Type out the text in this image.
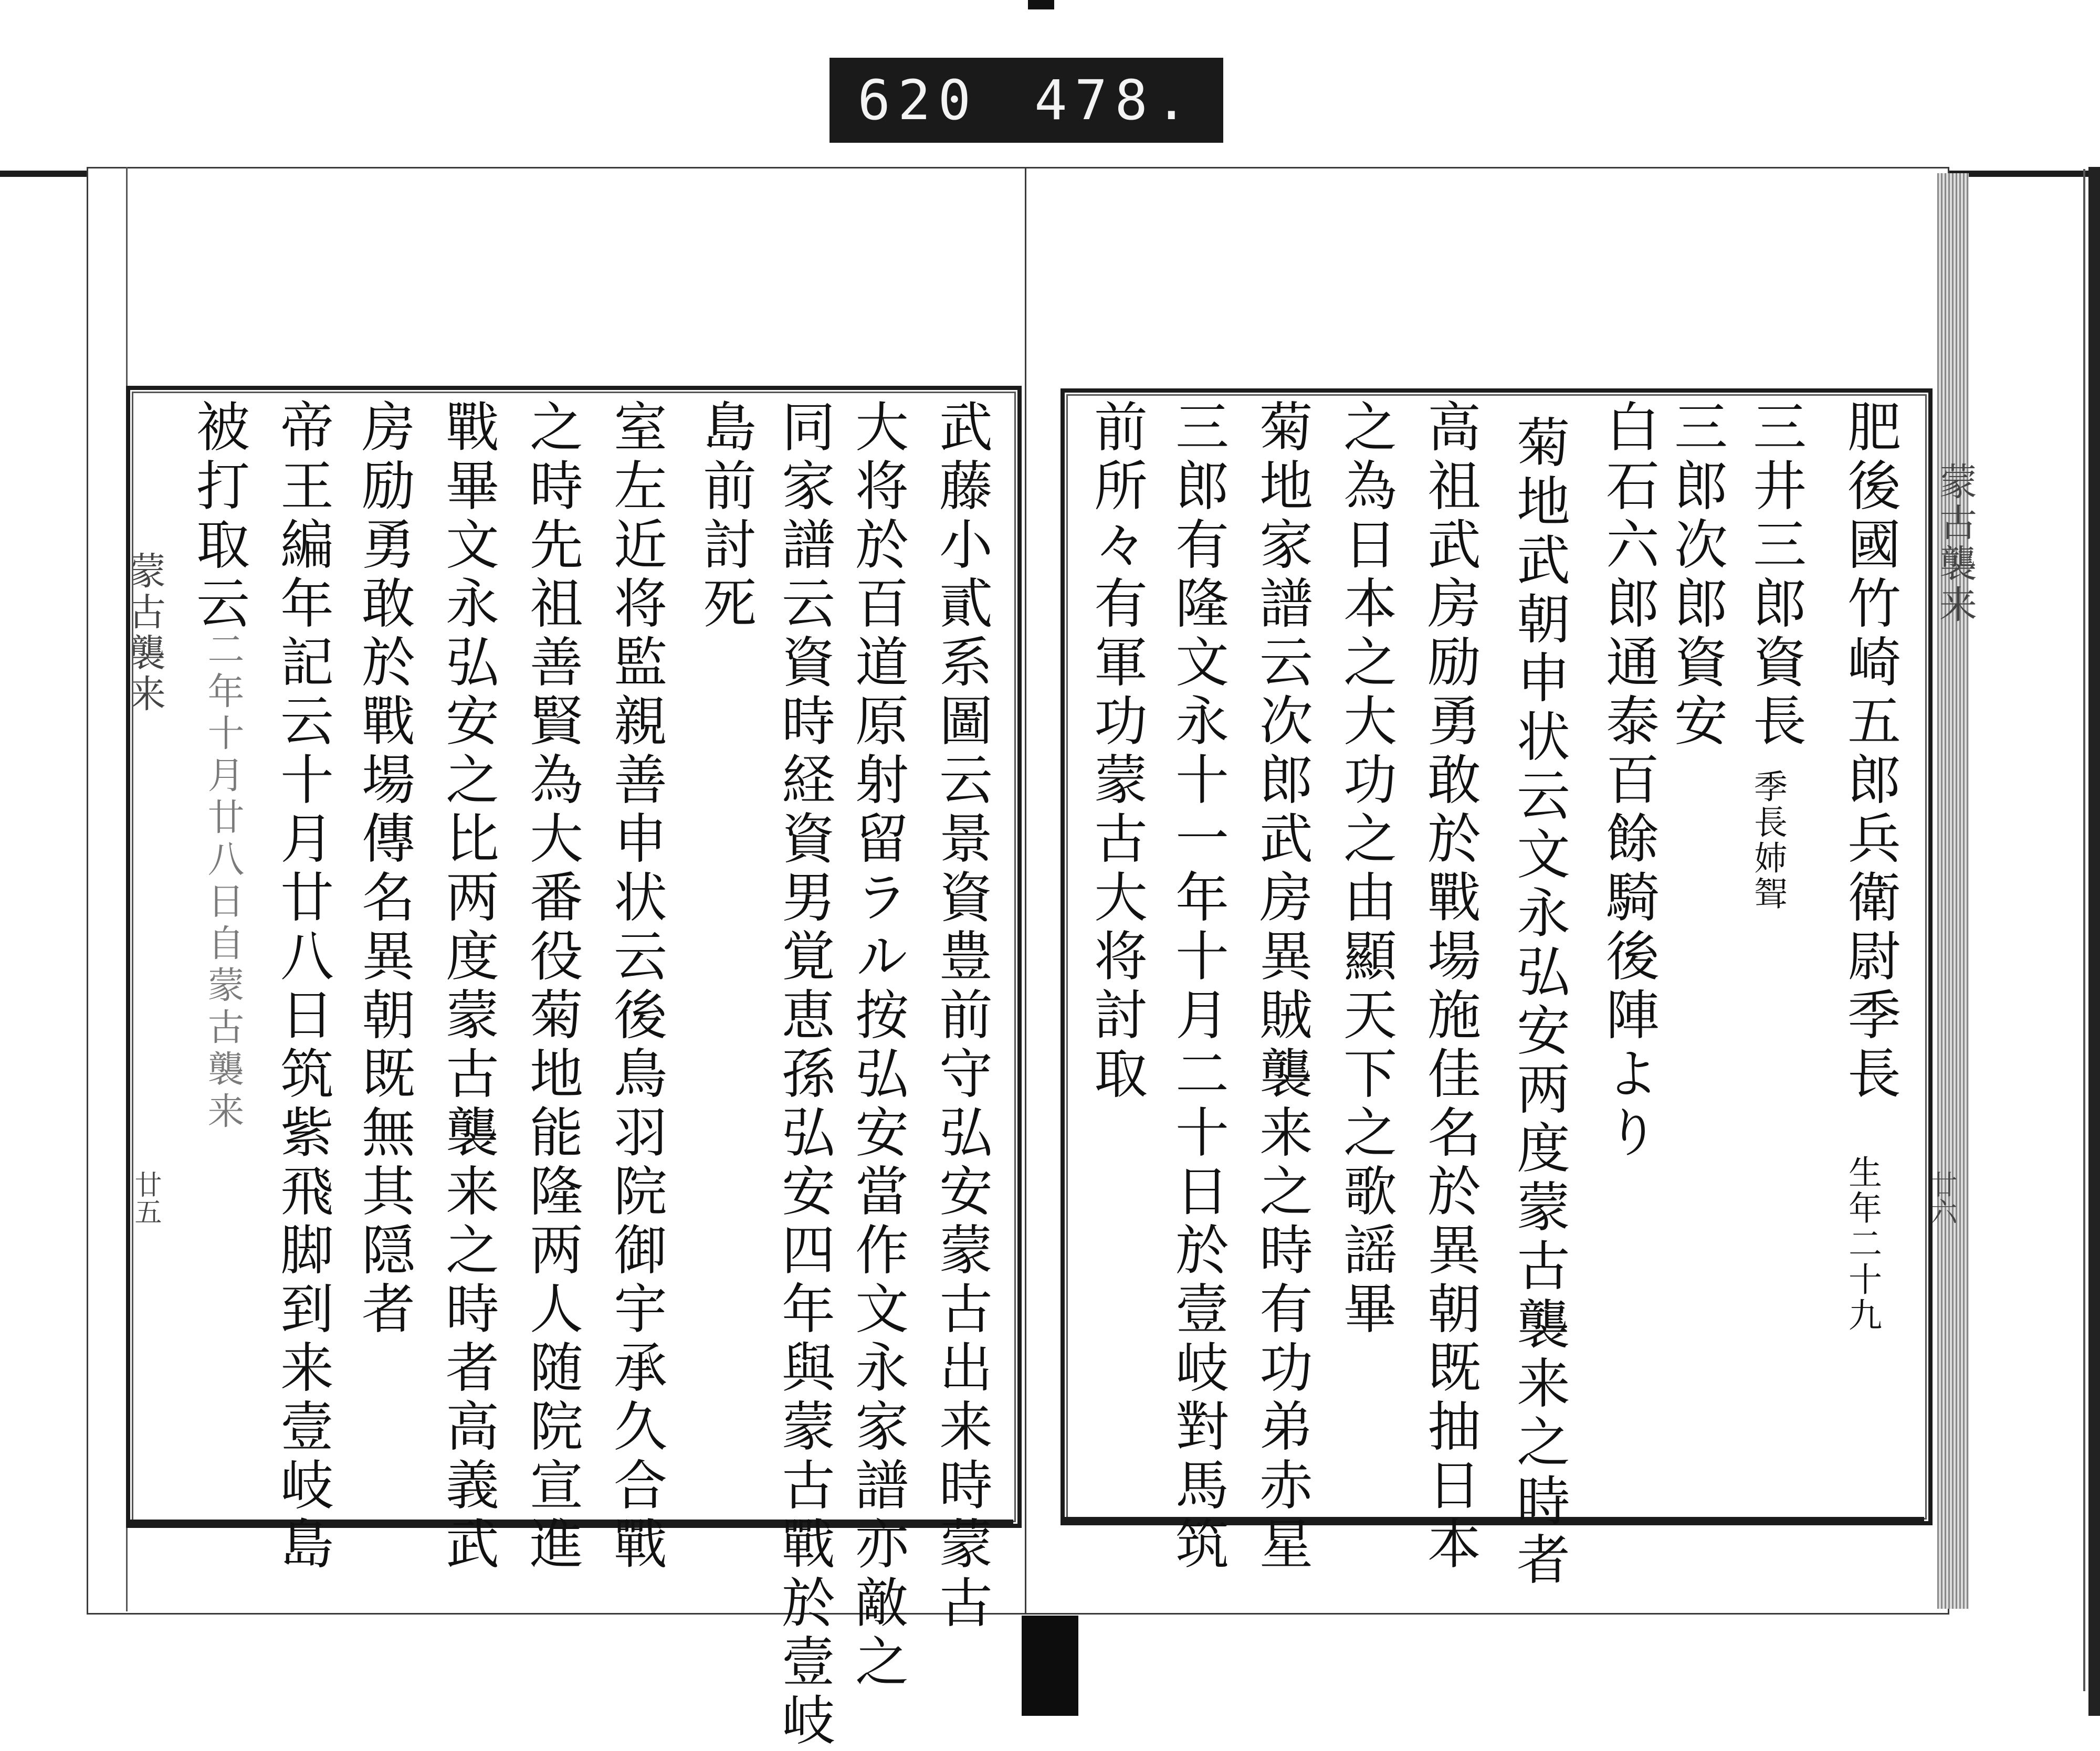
620 478.
蒙古襲来
廿五
蒙古襲来
廿六
肥後國竹崎五郎兵衛尉季長
生年二十九
三井三郎資長
季長姉聟
三郎次郎資安
白石六郎通泰百餘騎後陣より
菊地武朝申状云文永弘安两度蒙古襲来之時者
高祖武房励勇敢於戰場施佳名於異朝既抽日本
之為日本之大功之由顯天下之歌謡畢
菊地家譜云次郎武房異賊襲来之時有功弟赤星
三郎有隆文永十一年十月二十日於壹岐對馬筑
前所々有軍功蒙古大将討取
武藤小貳系圖云景資豊前守弘安蒙古出来時蒙古
大将於百道原射留ラル按弘安當作文永家譜亦敵之
同家譜云資時経資男覚恵孫弘安四年與蒙古戰於壹岐
島前討死
室左近将監親善申状云後鳥羽院御宇承久合戰
之時先祖善賢為大番役菊地能隆两人随院宣進
戰畢文永弘安之比两度蒙古襲来之時者高義武
房励勇敢於戰場傳名異朝既無其隠者
帝王編年記云十月廿八日筑紫飛脚到来壹岐島
被打取云
二年十月廿八日自蒙古襲来
